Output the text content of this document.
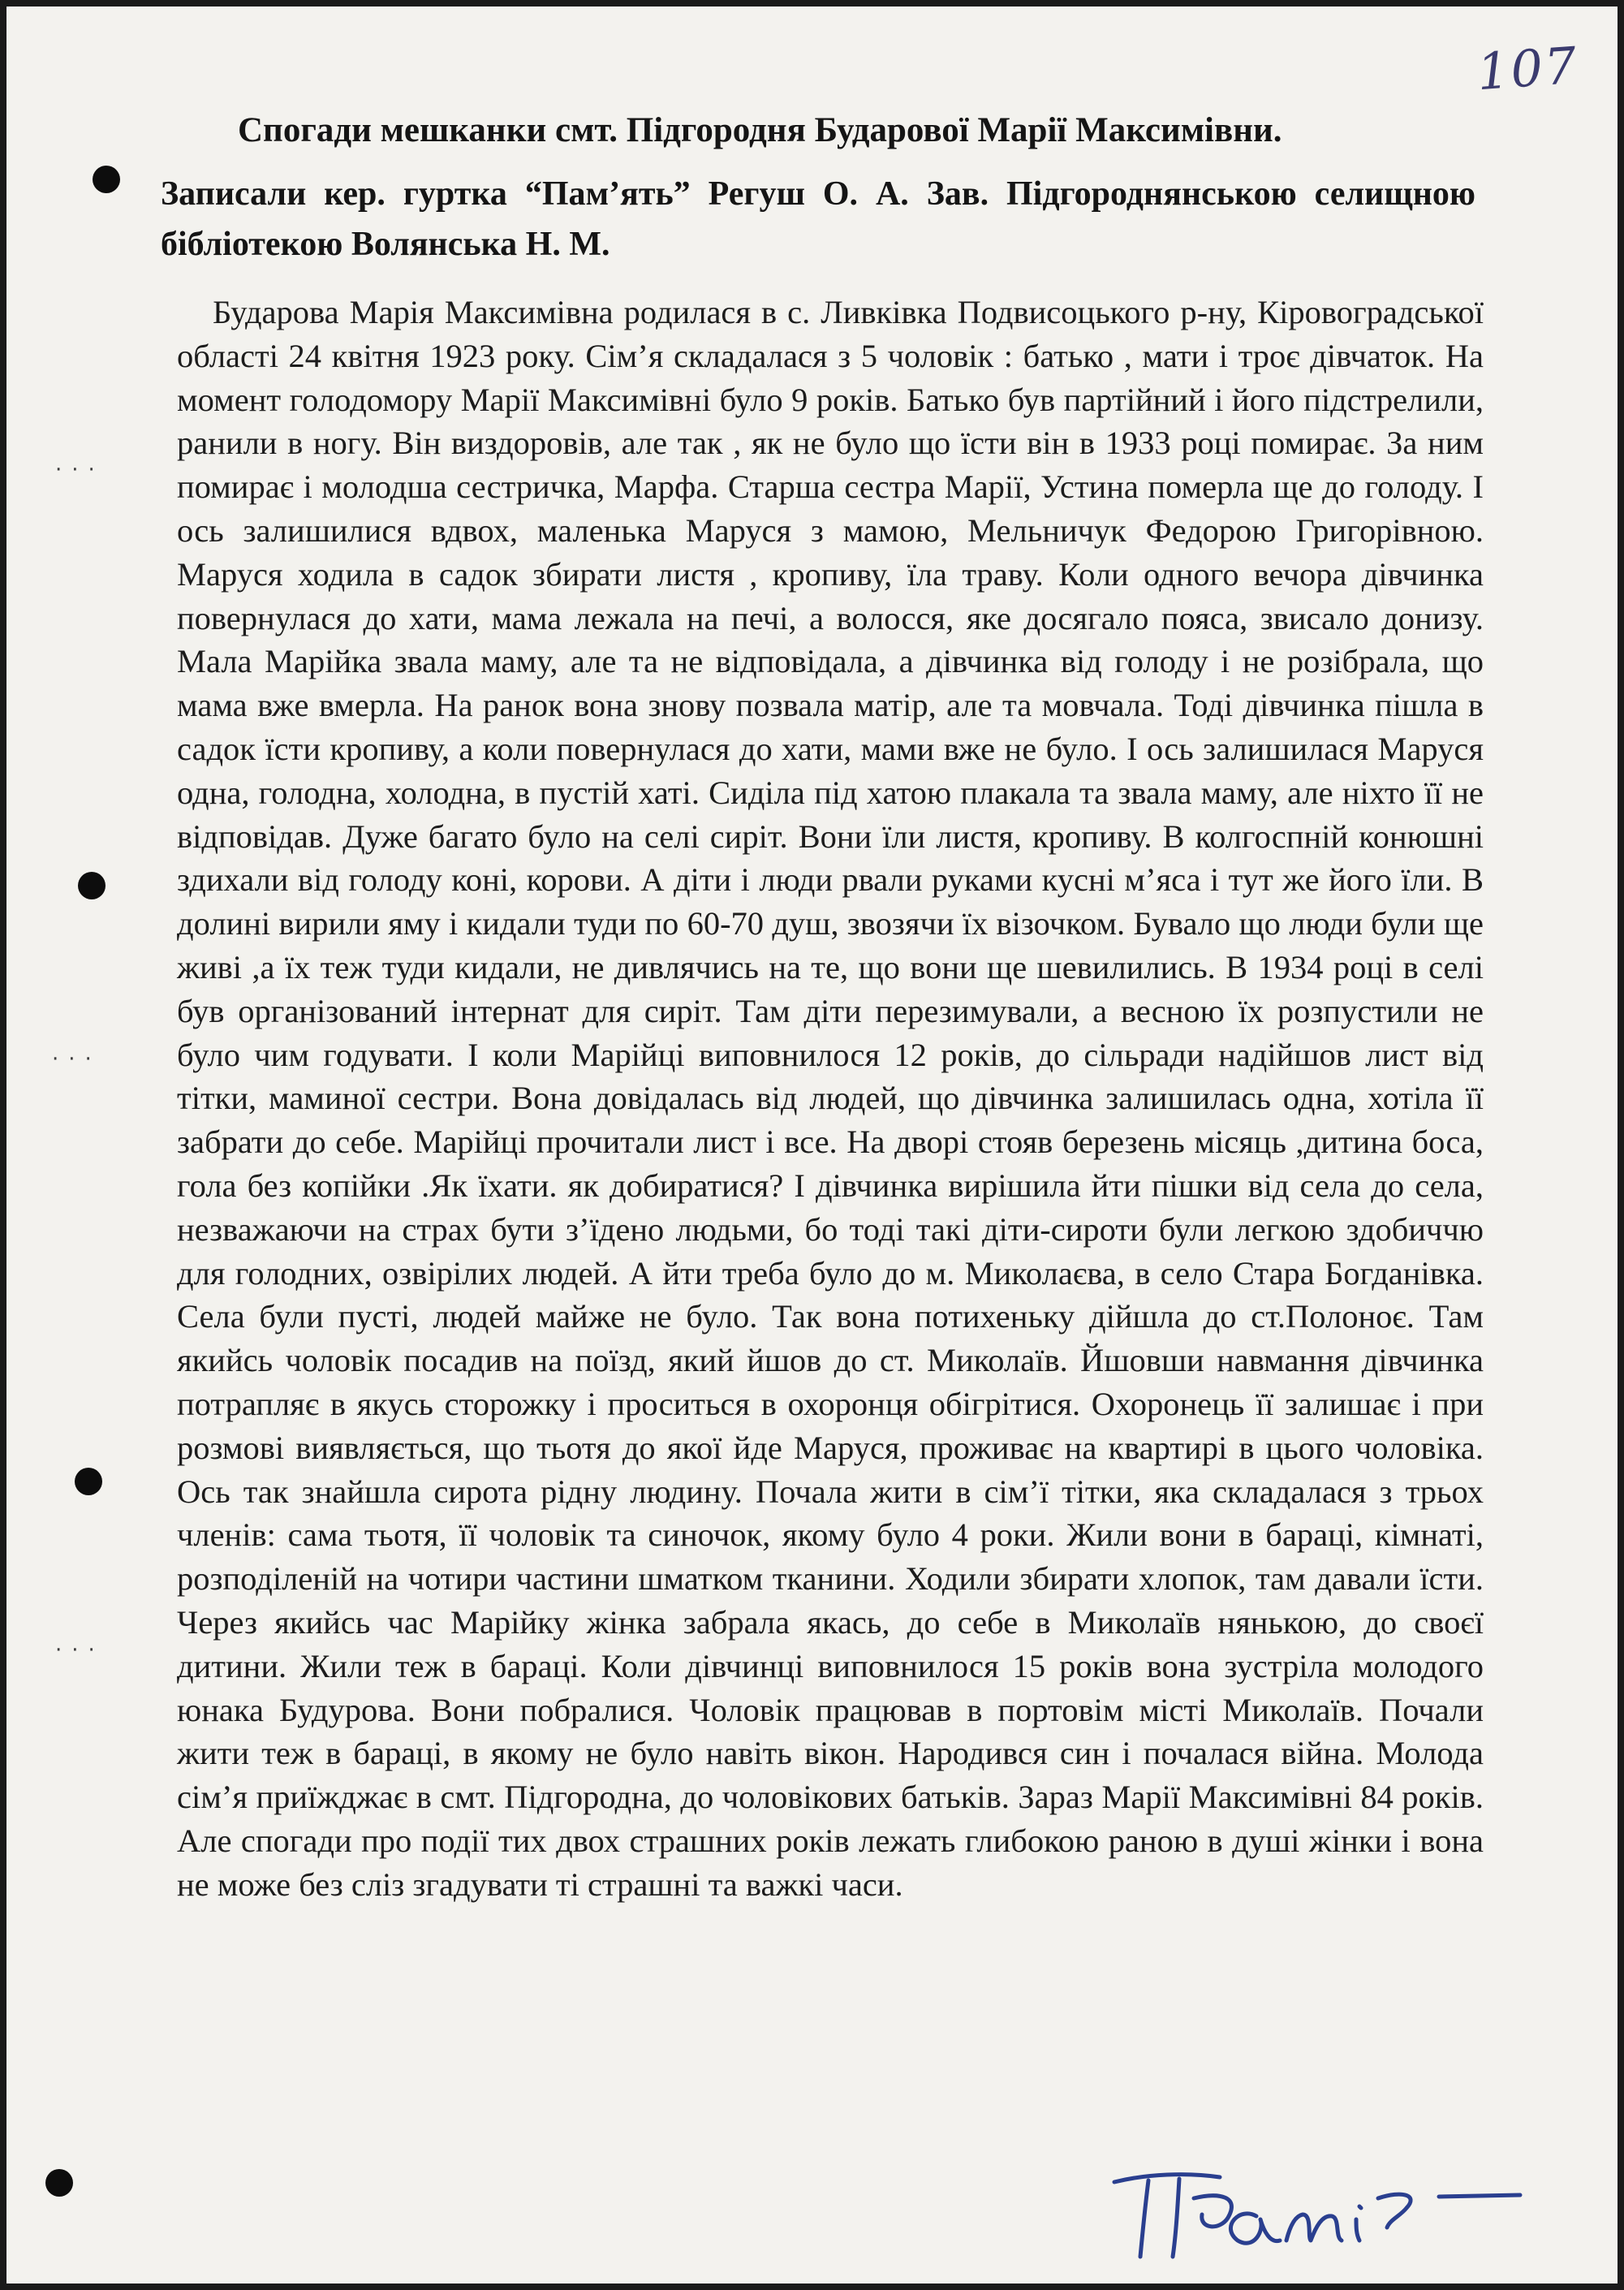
107
Спогади мешканки смт. Підгородня Бударової Марії Максимівни.
Записали кер. гуртка “Пам’ять” Регуш О. А. Зав. Підгороднянською селищною бібліотекою Волянська Н. М.
Бударова Марія Максимівна родилася в с. Ливківка Подвисоцького р-ну, Кіровоградської області 24 квітня 1923 року. Сім’я складалася з 5 чоловік : батько , мати і троє дівчаток. На момент голодомору Марії Максимівні було 9 років. Батько був партійний і його підстрелили, ранили в ногу. Він виздоровів, але так , як не було що їсти він в 1933 році помирає. За ним помирає і молодша сестричка, Марфа. Старша сестра Марії, Устина померла ще до голоду. І ось залишилися вдвох, маленька Маруся з мамою, Мельничук Федорою Григорівною. Маруся ходила в садок збирати листя , кропиву, їла траву. Коли одного вечора дівчинка повернулася до хати, мама лежала на печі, а волосся, яке досягало пояса, звисало донизу. Мала Марійка звала маму, але та не відповідала, а дівчинка від голоду і не розібрала, що мама вже вмерла. На ранок вона знову позвала матір, але та мовчала. Тоді дівчинка пішла в садок їсти кропиву, а коли повернулася до хати, мами вже не було. І ось залишилася Маруся одна, голодна, холодна, в пустій хаті. Сиділа під хатою плакала та звала маму, але ніхто її не відповідав. Дуже багато було на селі сиріт. Вони їли листя, кропиву. В колгоспній конюшні здихали від голоду коні, корови. А діти і люди рвали руками кусні м’яса і тут же його їли. В долині вирили яму і кидали туди по 60-70 душ, звозячи їх візочком. Бувало що люди були ще живі ,а їх теж туди кидали, не дивлячись на те, що вони ще шевилились. В 1934 році в селі був організований інтернат для сиріт. Там діти перезимували, а весною їх розпустили не було чим годувати. І коли Марійці виповнилося 12 років, до сільради надійшов лист від тітки, маминої сестри. Вона довідалась від людей, що дівчинка залишилась одна, хотіла її забрати до себе. Марійці прочитали лист і все. На дворі стояв березень місяць ,дитина боса, гола без копійки .Як їхати. як добиратися? І дівчинка вирішила йти пішки від села до села, незважаючи на страх бути з’їдено людьми, бо тоді такі діти-сироти були легкою здобиччю для голодних, озвірілих людей. А йти треба було до м. Миколаєва, в село Стара Богданівка. Села були пусті, людей майже не було. Так вона потихеньку дійшла до ст.Полоноє. Там якийсь чоловік посадив на поїзд, який йшов до ст. Миколаїв. Йшовши навмання дівчинка потрапляє в якусь сторожку і проситься в охоронця обігрітися. Охоронець її залишає і при розмові виявляється, що тьотя до якої йде Маруся, проживає на квартирі в цього чоловіка. Ось так знайшла сирота рідну людину. Почала жити в сім’ї тітки, яка складалася з трьох членів: сама тьотя, її чоловік та синочок, якому було 4 роки. Жили вони в бараці, кімнаті, розподіленій на чотири частини шматком тканини. Ходили збирати хлопок, там давали їсти. Через якийсь час Марійку жінка забрала якась, до себе в Миколаїв нянькою, до своєї дитини. Жили теж в бараці. Коли дівчинці виповнилося 15 років вона зустріла молодого юнака Будурова. Вони побралися. Чоловік працював в портовім місті Миколаїв. Почали жити теж в бараці, в якому не було навіть вікон. Народився син і почалася війна. Молода сім’я приїжджає в смт. Підгородна, до чоловікових батьків. Зараз Марії Максимівні 84 років. Але спогади про події тих двох страшних років лежать глибокою раною в душі жінки і вона не може без сліз згадувати ті страшні та важкі часи.
···
···
···
